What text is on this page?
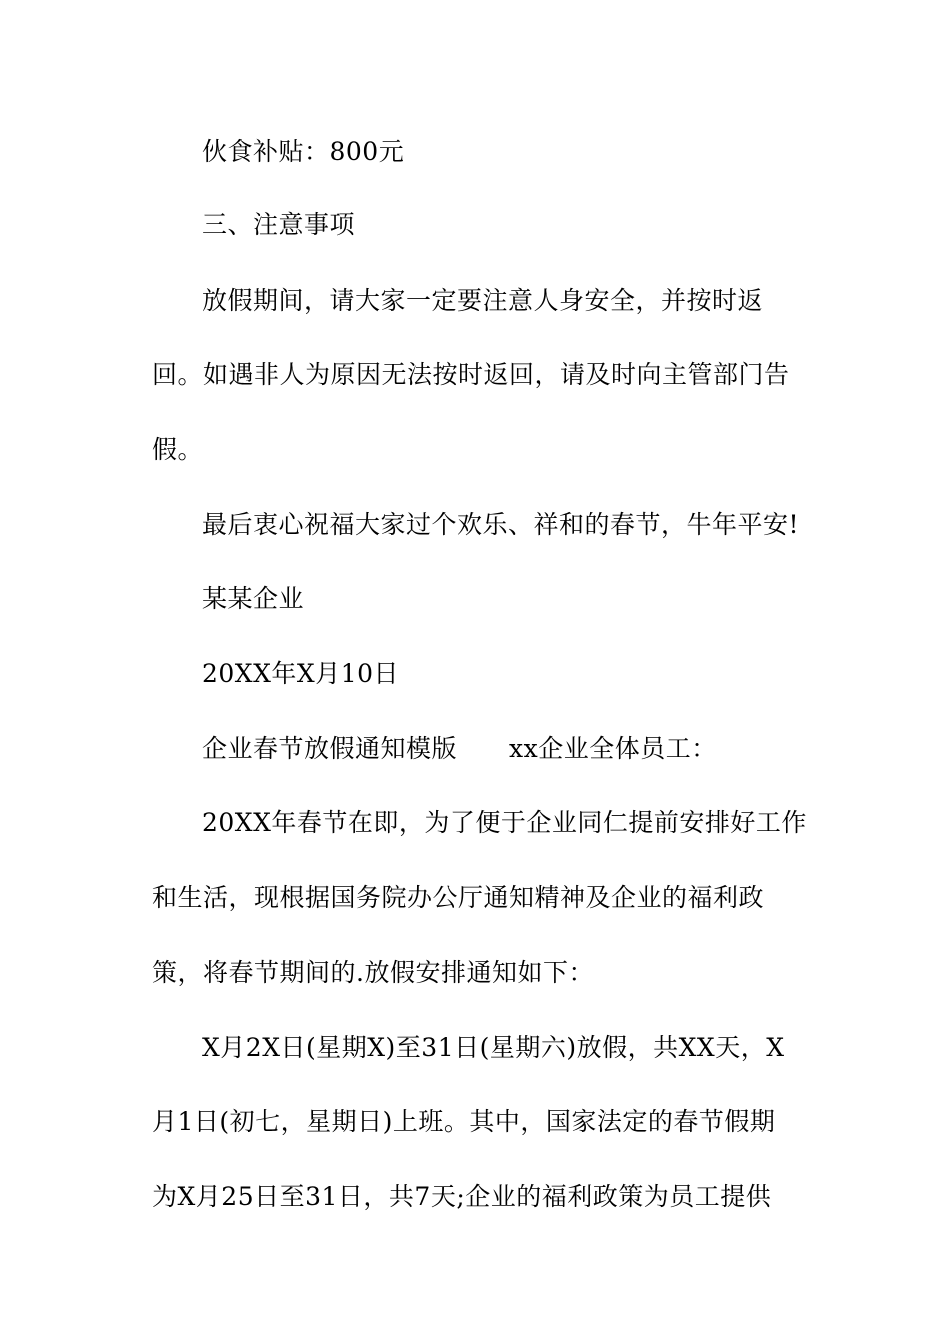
伙食补贴：800元
三、注意事项
放假期间，请大家一定要注意人身安全，并按时返
回。如遇非人为原因无法按时返回，请及时向主管部门告
假。
最后衷心祝福大家过个欢乐、祥和的春节，牛年平安!
某某企业
20XX年X月10日
企业春节放假通知模版 xx企业全体员工：
20XX年春节在即，为了便于企业同仁提前安排好工作
和生活，现根据国务院办公厅通知精神及企业的福利政
策，将春节期间的.放假安排通知如下：
X月2X日(星期X)至31日(星期六)放假，共XX天，X
月1日(初七，星期日)上班。其中，国家法定的春节假期
为X月25日至31日，共7天;企业的福利政策为员工提供
